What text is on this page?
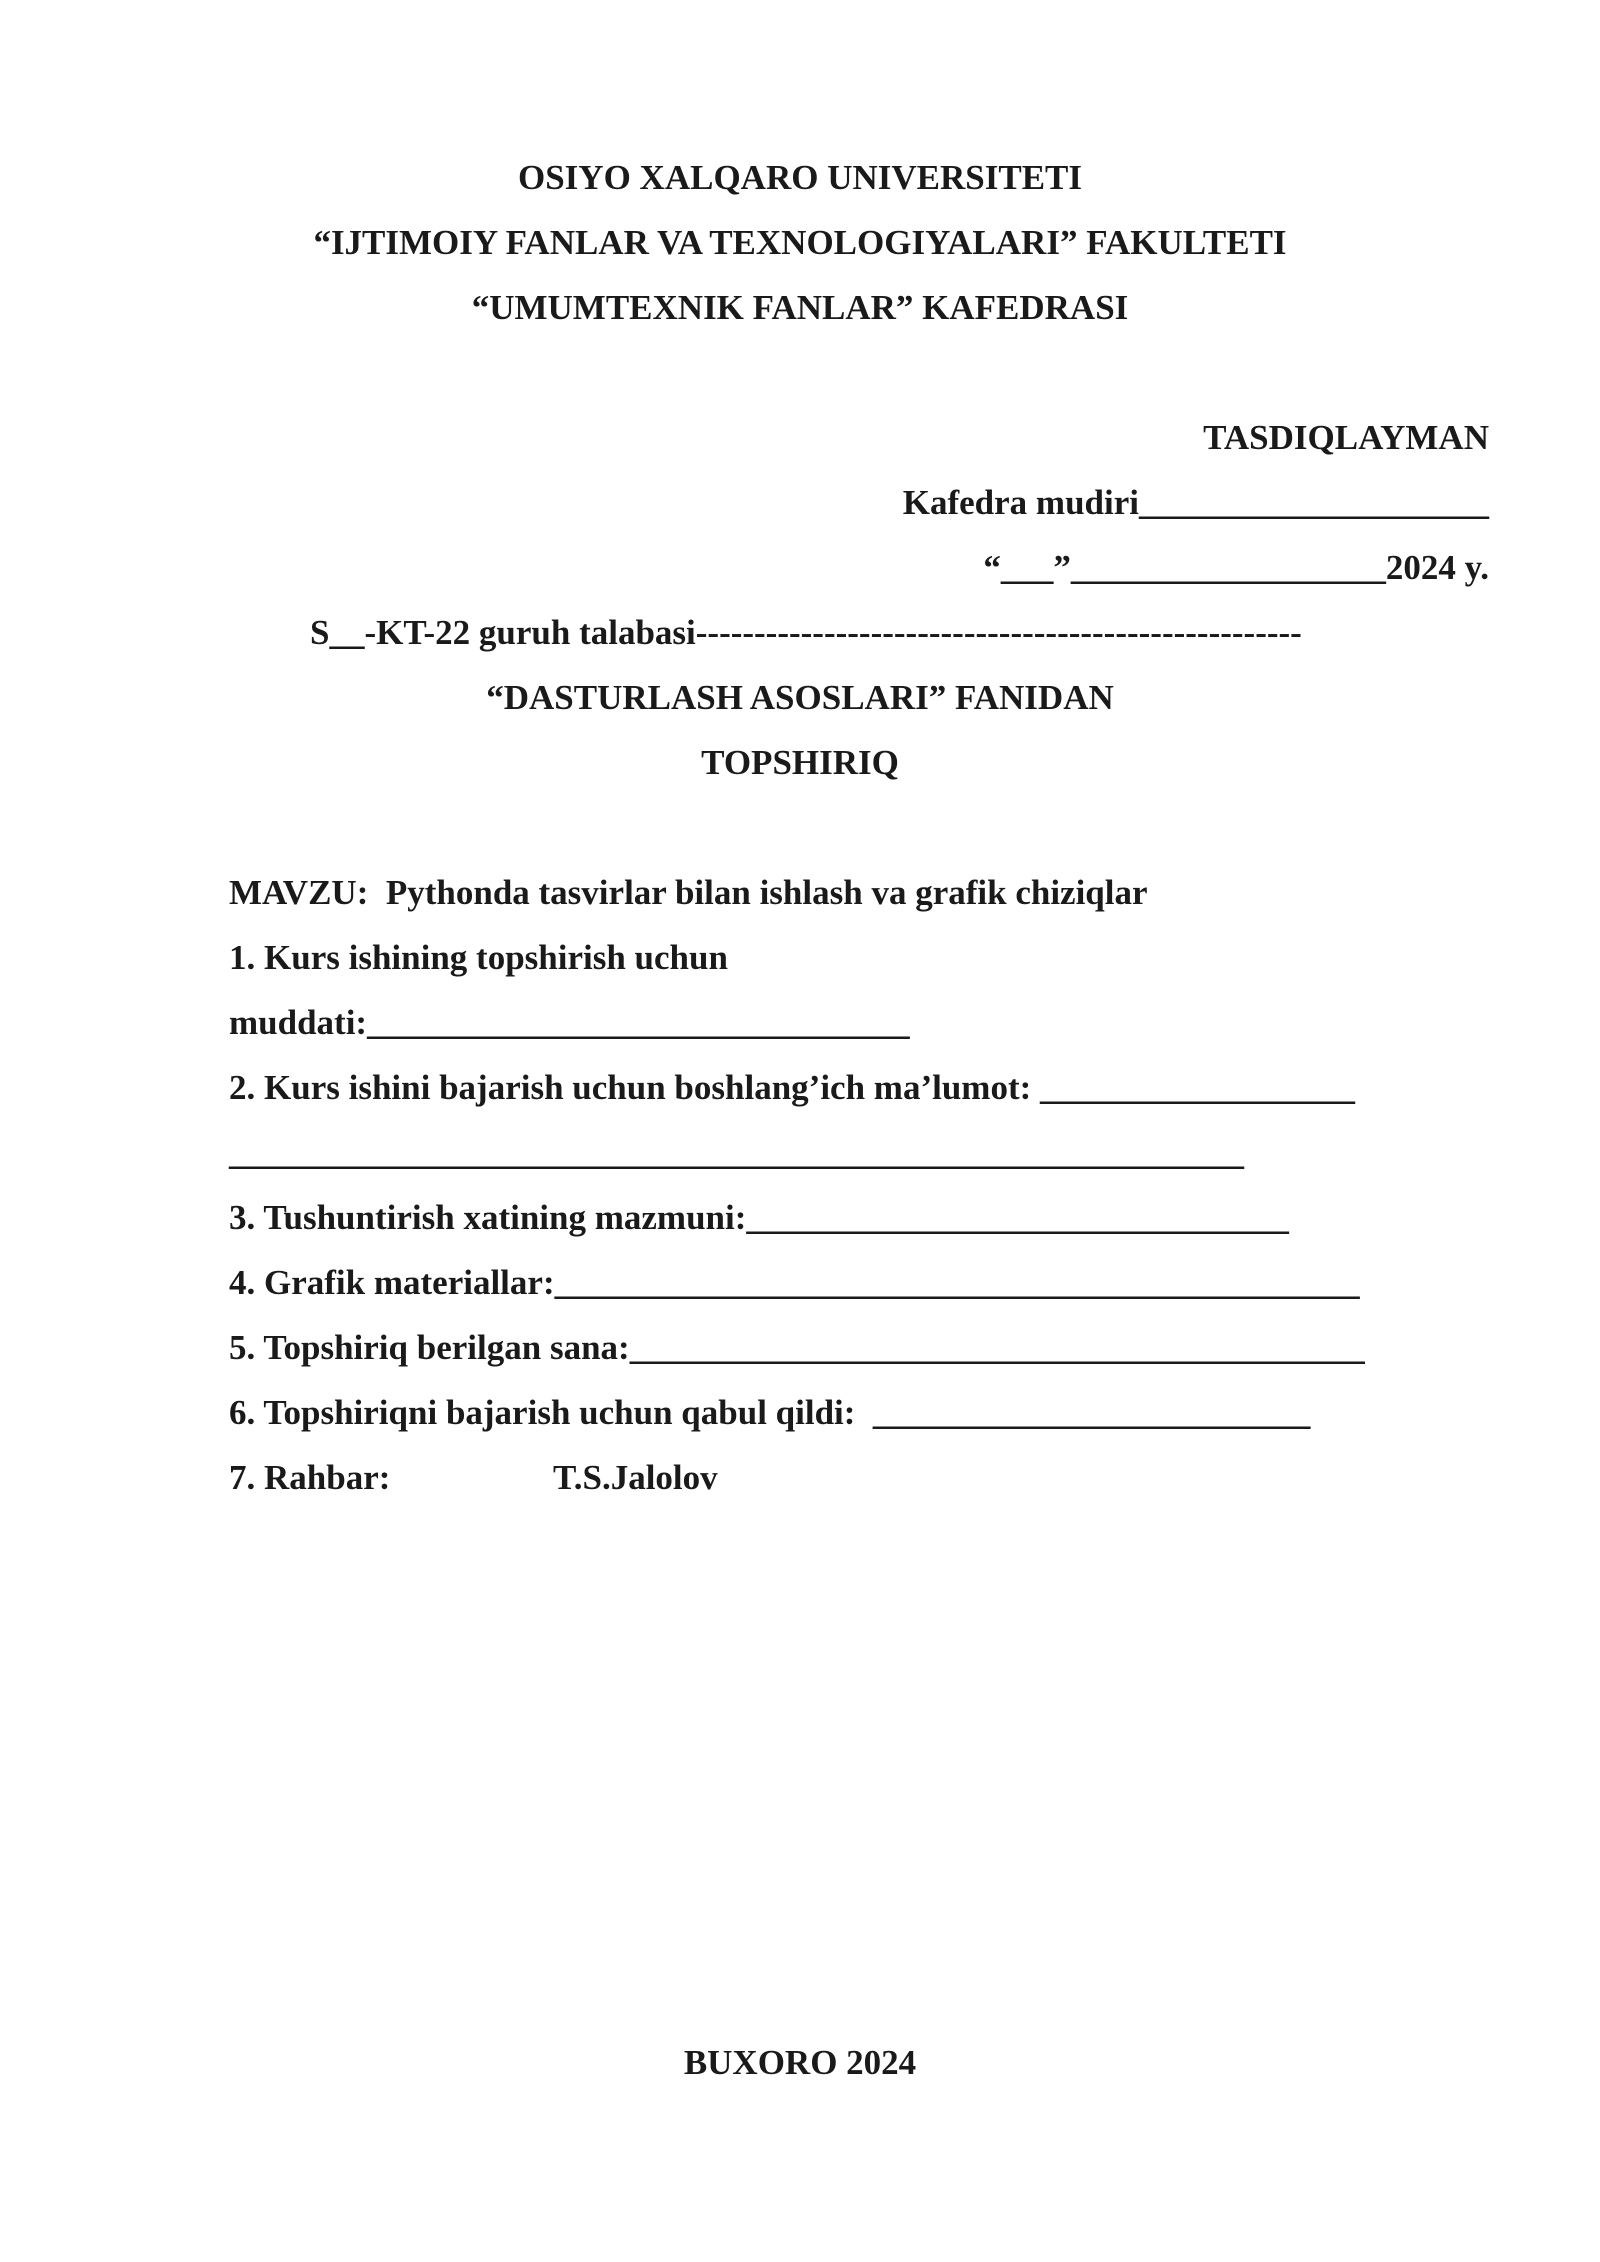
OSIYO XALQARO UNIVERSITETI
“IJTIMOIY FANLAR VA TEXNOLOGIYALARI” FAKULTETI
“UMUMTEXNIK FANLAR” KAFEDRASI
TASDIQLAYMAN
Kafedra mudiri____________________
“___”__________________2024 y.
S__-KT-22 guruh talabasi----------------------------------------------------
“DASTURLASH ASOSLARI” FANIDAN
TOPSHIRIQ
MAVZU:  Pythonda tasvirlar bilan ishlash va grafik chiziqlar
1. Kurs ishining topshirish uchun
muddati:_______________________________
2. Kurs ishini bajarish uchun boshlang’ich ma’lumot: __________________
__________________________________________________________
3. Tushuntirish xatining mazmuni:_______________________________
4. Grafik materiallar:______________________________________________
5. Topshiriq berilgan sana:__________________________________________
6. Topshiriqni bajarish uchun qabul qildi:  _________________________
7. Rahbar:	T.S.Jalolov
BUXORO 2024
